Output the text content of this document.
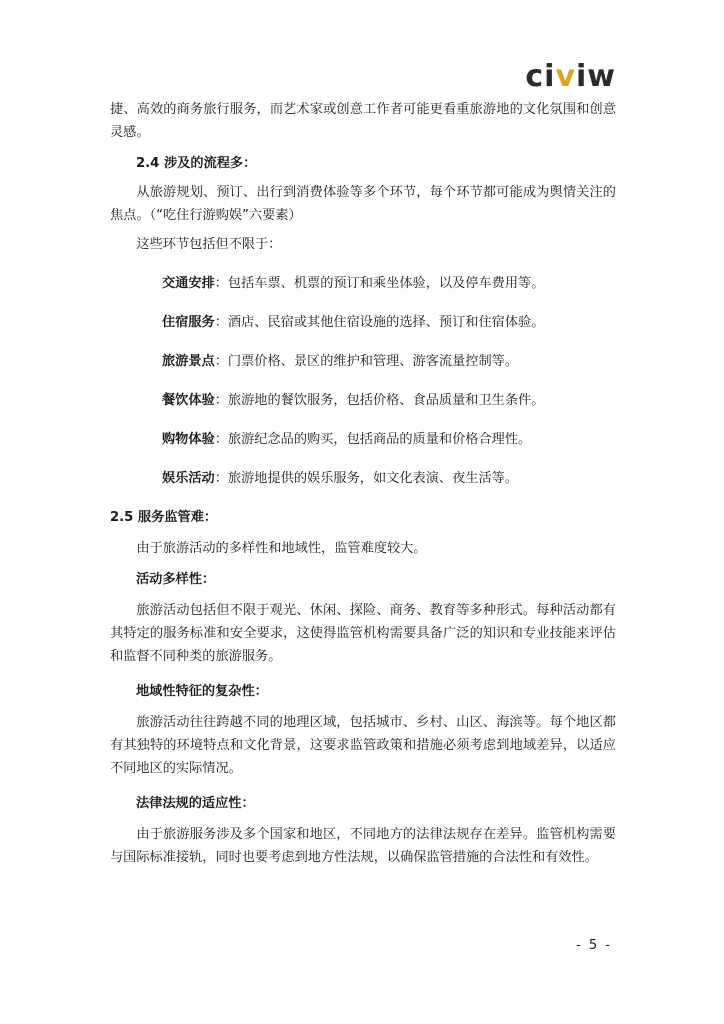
civiw

捷、高效的商务旅行服务，而艺术家或创意工作者可能更看重旅游地的文化氛围和创意灵感。

2.4 涉及的流程多：

从旅游规划、预订、出行到消费体验等多个环节，每个环节都可能成为舆情关注的焦点。（“吃住行游购娱”六要素）

这些环节包括但不限于：

交通安排：包括车票、机票的预订和乘坐体验，以及停车费用等。

住宿服务：酒店、民宿或其他住宿设施的选择、预订和住宿体验。

旅游景点：门票价格、景区的维护和管理、游客流量控制等。

餐饮体验：旅游地的餐饮服务，包括价格、食品质量和卫生条件。

购物体验：旅游纪念品的购买，包括商品的质量和价格合理性。

娱乐活动：旅游地提供的娱乐服务，如文化表演、夜生活等。

2.5 服务监管难：

由于旅游活动的多样性和地域性，监管难度较大。

活动多样性：

旅游活动包括但不限于观光、休闲、探险、商务、教育等多种形式。每种活动都有其特定的服务标准和安全要求，这使得监管机构需要具备广泛的知识和专业技能来评估和监督不同种类的旅游服务。

地域性特征的复杂性：

旅游活动往往跨越不同的地理区域，包括城市、乡村、山区、海滨等。每个地区都有其独特的环境特点和文化背景，这要求监管政策和措施必须考虑到地域差异，以适应不同地区的实际情况。

法律法规的适应性：

由于旅游服务涉及多个国家和地区，不同地方的法律法规存在差异。监管机构需要与国际标准接轨，同时也要考虑到地方性法规，以确保监管措施的合法性和有效性。

- 5 -
